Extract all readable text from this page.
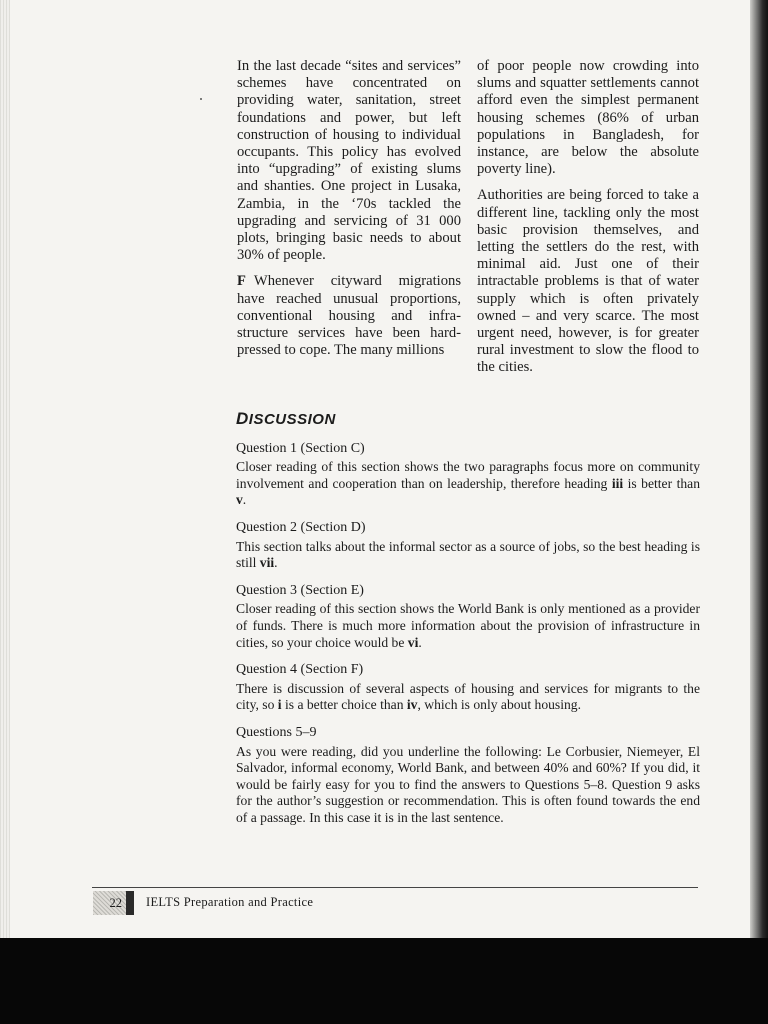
In the last decade “sites and services” schemes have concentrated on providing water, sanitation, street foundations and power, but left construction of housing to individual occupants. This policy has evolved into “upgrading” of existing slums and shanties. One project in Lusaka, Zambia, in the ‘70s tackled the upgrading and servicing of 31 000 plots, bringing basic needs to about 30% of people.

F Whenever cityward migrations have reached unusual proportions, conventional housing and infrastructure services have been hardpressed to cope. The many millions

of poor people now crowding into slums and squatter settlements cannot afford even the simplest permanent housing schemes (86% of urban populations in Bangladesh, for instance, are below the absolute poverty line).

Authorities are being forced to take a different line, tackling only the most basic provision themselves, and letting the settlers do the rest, with minimal aid. Just one of their intractable problems is that of water supply which is often privately owned – and very scarce. The most urgent need, however, is for greater rural investment to slow the flood to the cities.

DISCUSSION
Question 1 (Section C)

Closer reading of this section shows the two paragraphs focus more on community involvement and cooperation than on leadership, therefore heading iii is better than v.

Question 2 (Section D)

This section talks about the informal sector as a source of jobs, so the best heading is still vii.

Question 3 (Section E)

Closer reading of this section shows the World Bank is only mentioned as a provider of funds. There is much more information about the provision of infrastructure in cities, so your choice would be vi.

Question 4 (Section F)

There is discussion of several aspects of housing and services for migrants to the city, so i is a better choice than iv, which is only about housing.

Questions 5–9

As you were reading, did you underline the following: Le Corbusier, Niemeyer, El Salvador, informal economy, World Bank, and between 40% and 60%? If you did, it would be fairly easy for you to find the answers to Questions 5–8. Question 9 asks for the author’s suggestion or recommendation. This is often found towards the end of a passage. In this case it is in the last sentence.

22	IELTS Preparation and Practice
